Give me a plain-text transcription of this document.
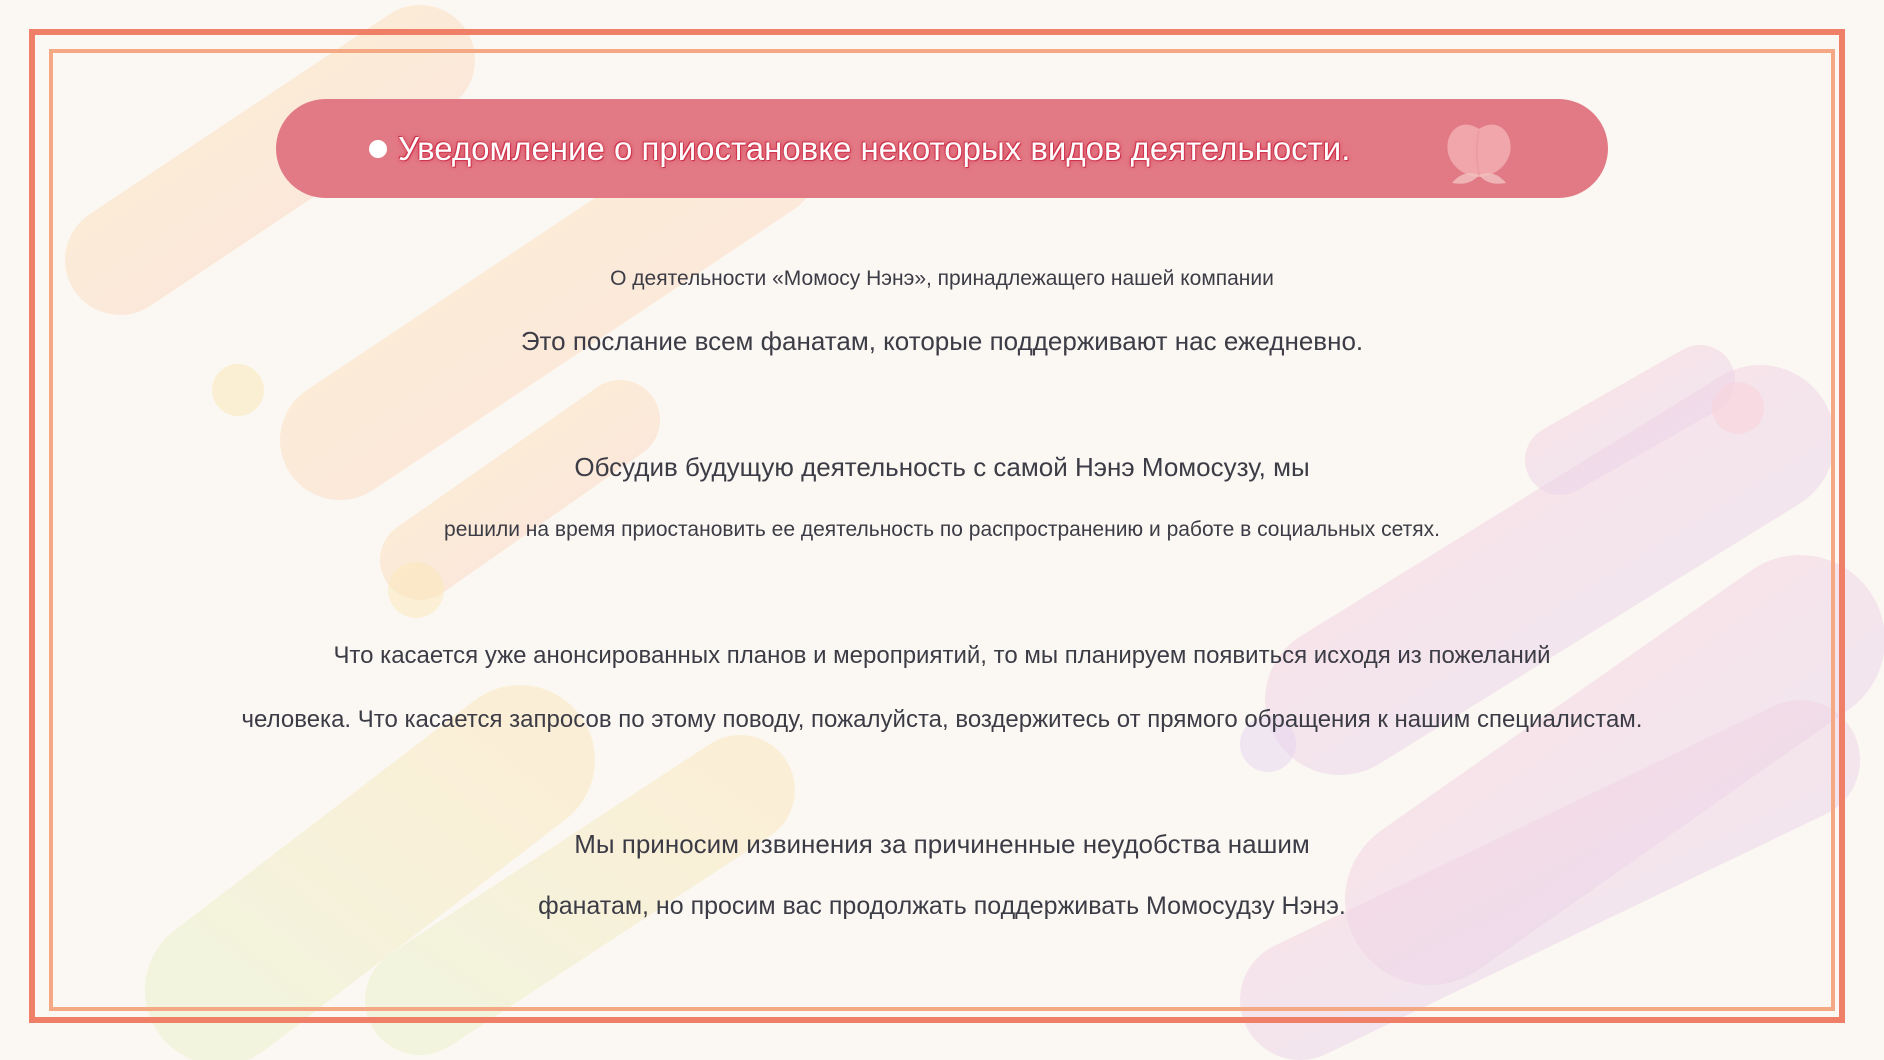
Уведомление о приостановке некоторых видов деятельности.
О деятельности «Момосу Нэнэ», принадлежащего нашей компании
Это послание всем фанатам, которые поддерживают нас ежедневно.
Обсудив будущую деятельность с самой Нэнэ Момосузу, мы
решили на время приостановить ее деятельность по распространению и работе в социальных сетях.
Что касается уже анонсированных планов и мероприятий, то мы планируем появиться исходя из пожеланий
человека. Что касается запросов по этому поводу, пожалуйста, воздержитесь от прямого обращения к нашим специалистам.
Мы приносим извинения за причиненные неудобства нашим
фанатам, но просим вас продолжать поддерживать Момосудзу Нэнэ.
